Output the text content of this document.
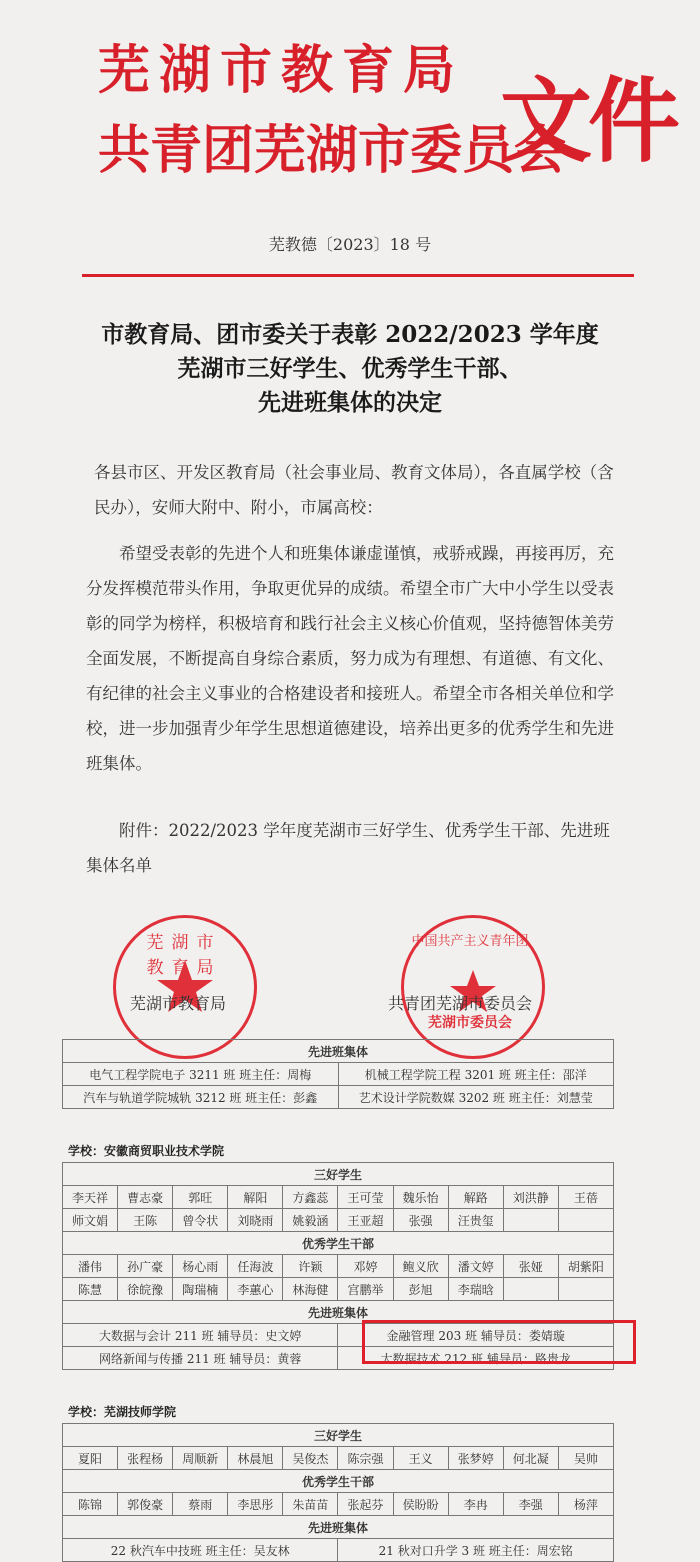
芜湖市教育局
共青团芜湖市委员会
文件
芜教德〔2023〕18 号
市教育局、团市委关于表彰 2022/2023 学年度
芜湖市三好学生、优秀学生干部、
先进班集体的决定

各县市区、开发区教育局（社会事业局、教育文体局），各直属学校（含民办），安师大附中、附小，市属高校：

希望受表彰的先进个人和班集体谦虚谨慎，戒骄戒躁，再接再厉，充分发挥模范带头作用，争取更优异的成绩。希望全市广大中小学生以受表彰的同学为榜样，积极培育和践行社会主义核心价值观，坚持德智体美劳全面发展，不断提高自身综合素质，努力成为有理想、有道德、有文化、有纪律的社会主义事业的合格建设者和接班人。希望全市各相关单位和学校，进一步加强青少年学生思想道德建设，培养出更多的优秀学生和先进班集体。

附件：2022/2023 学年度芜湖市三好学生、优秀学生干部、先进班集体名单

芜湖市教育局
芜湖市教育局
中国共产主义青年团
芜湖市委员会
共青团芜湖市委员会
先进班集体	
电气工程学院电子 3211 班 班主任：周梅	机械工程学院工程 3201 班 班主任：邵洋
汽车与轨道学院城轨 3212 班 班主任：彭鑫	艺术设计学院数媒 3202 班 班主任：刘慧莹
学校：安徽商贸职业技术学院
三好学生									
李天祥	曹志豪	郭旺	解阳	方鑫蕊	王可莹	魏乐怡	解路	刘洪静	王蓓
师文娟	王陈	曾令状	刘晓雨	姚毅涵	王亚超	张强	汪贵玺		
优秀学生干部									
潘伟	孙广豪	杨心雨	任海波	许颖	邓婷	鲍义欣	潘文婷	张娅	胡紫阳
陈慧	徐皖豫	陶瑞楠	李蕙心	林海健	宫鹏举	彭旭	李瑞晗		
先进班集体									
大数据与会计 211 班 辅导员：史文婷					金融管理 203 班 辅导员：娄婧璇				
网络新闻与传播 211 班 辅导员：黄蓉					大数据技术 212 班 辅导员：路贵龙				
学校：芜湖技师学院
三好学生									
夏阳	张程杨	周顺新	林晨旭	吴俊杰	陈宗强	王义	张梦婷	何北凝	吴帅
优秀学生干部									
陈锦	郭俊豪	蔡雨	李思彤	朱苗苗	张起芬	侯盼盼	李冉	李强	杨萍
先进班集体									
22 秋汽车中技班 班主任：吴友林					21 秋对口升学 3 班 班主任：周宏铭				
